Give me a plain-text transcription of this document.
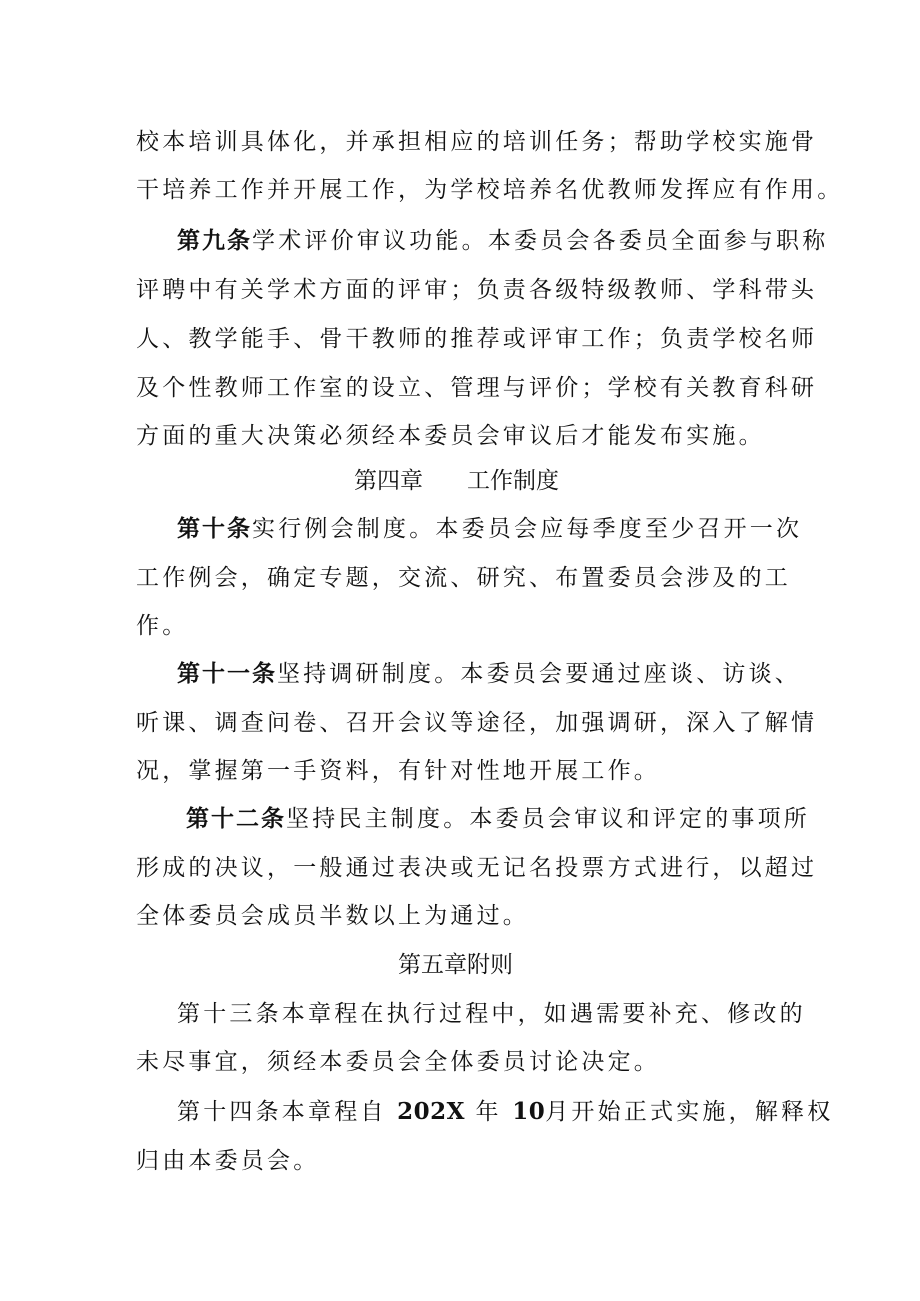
校本培训具体化，并承担相应的培训任务；帮助学校实施骨
干培养工作并开展工作，为学校培养名优教师发挥应有作用。
第九条学术评价审议功能。本委员会各委员全面参与职称
评聘中有关学术方面的评审；负责各级特级教师、学科带头
人、教学能手、骨干教师的推荐或评审工作；负责学校名师
及个性教师工作室的设立、管理与评价；学校有关教育科研
方面的重大决策必须经本委员会审议后才能发布实施。
第四章 工作制度
第十条实行例会制度。本委员会应每季度至少召开一次
工作例会，确定专题，交流、研究、布置委员会涉及的工
作。
第十一条坚持调研制度。本委员会要通过座谈、访谈、
听课、调查问卷、召开会议等途径，加强调研，深入了解情
况，掌握第一手资料，有针对性地开展工作。
第十二条坚持民主制度。本委员会审议和评定的事项所
形成的决议，一般通过表决或无记名投票方式进行，以超过
全体委员会成员半数以上为通过。
第五章附则
第十三条本章程在执行过程中，如遇需要补充、修改的
未尽事宜，须经本委员会全体委员讨论决定。
第十四条本章程自 202X 年 10月开始正式实施，解释权
归由本委员会。
